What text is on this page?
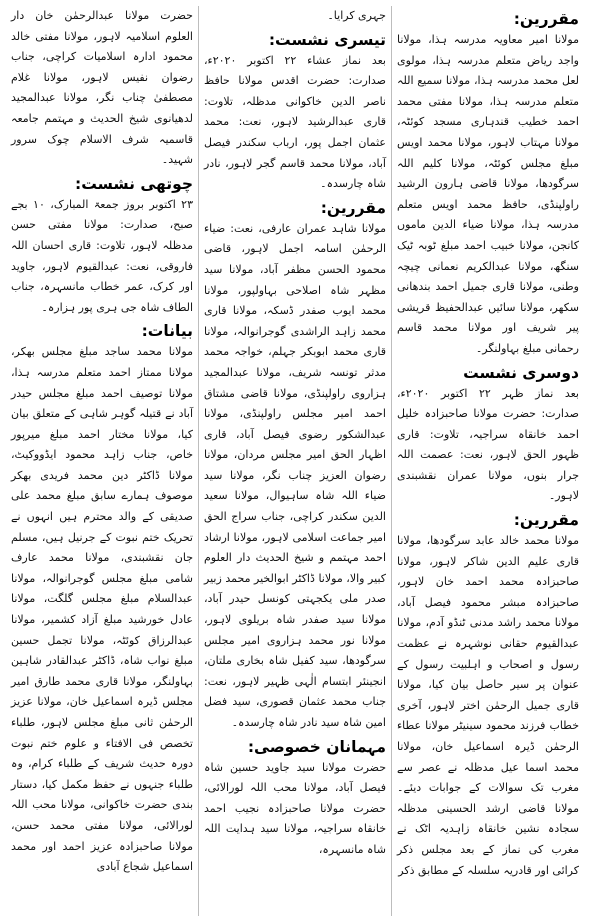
مقررین:

مولانا امیر معاویہ مدرسہ ہذا، مولانا واجد ریاض متعلم مدرسہ ہذا، مولوی لعل محمد مدرسہ ہذا، مولانا سمیع اللہ متعلم مدرسہ ہذا، مولانا مفتی محمد احمد خطیب قندہاری مسجد کوئٹہ، مولانا مہتاب لاہور، مولانا محمد اویس مبلغ مجلس کوئٹہ، مولانا کلیم اللہ سرگودھا، مولانا قاضی ہارون الرشید راولپنڈی، حافظ محمد اویس متعلم مدرسہ ہذا، مولانا ضیاء الدین ماموں کانجن، مولانا خبیب احمد مبلغ ٹوبہ ٹیک سنگھ، مولانا عبدالکریم نعمانی چیچہ وطنی، مولانا قاری جمیل احمد بندھانی سکھر، مولانا سائیں عبدالحفیظ قریشی پیر شریف اور مولانا محمد قاسم رحمانی مبلغ بہاولنگر۔

دوسری نشست

بعد نماز ظہر ۲۲ اکتوبر ۲۰۲۰ء، صدارت: حضرت مولانا صاحبزادہ خلیل احمد خانقاہ سراجیہ، تلاوت: قاری ظہور الحق لاہور، نعت: عصمت اللہ جرار بنوں، مولانا عمران نقشبندی لاہور۔

مقررین:

مولانا محمد خالد عابد سرگودھا، مولانا قاری علیم الدین شاکر لاہور، مولانا صاحبزادہ محمد احمد خان لاہور، صاحبزادہ مبشر محمود فیصل آباد، مولانا محمد راشد مدنی ٹنڈو آدم، مولانا عبدالقیوم حقانی نوشہرہ نے عظمت رسول و اصحاب و اہلبیت رسول کے عنوان پر سیر حاصل بیان کیا، مولانا قاری جمیل الرحمٰن اختر لاہور، آخری خطاب فرزند محمود سینیٹر مولانا عطاء الرحمٰن ڈیرہ اسماعیل خان، مولانا محمد اسما عیل مدظلہ نے عصر سے مغرب تک سوالات کے جوابات دیئے۔ مولانا قاضی ارشد الحسینی مدظلہ سجادہ نشین خانقاہ زاہدیہ اٹک نے مغرب کی نماز کے بعد مجلس ذکر کرائی اور قادریہ سلسلہ کے مطابق ذکر

جہری کرایا۔

تیسری نشست:

بعد نماز عشاء ۲۲ اکتوبر ۲۰۲۰ء، صدارت: حضرت اقدس مولانا حافظ ناصر الدین خاکوانی مدظلہ، تلاوت: قاری عبدالرشید لاہور، نعت: محمد عثمان اجمل پور، ارباب سکندر فیصل آباد، مولانا محمد قاسم گجر لاہور، نادر شاہ چارسدہ۔

مقررین:

مولانا شاہد عمران عارفی، نعت: ضیاء الرحمٰن اسامہ اجمل لاہور، قاضی محمود الحسن مظفر آباد، مولانا سید مظہر شاہ اصلاحی بہاولپور، مولانا محمد ایوب صفدر ڈسکہ، مولانا قاری محمد زاہد الراشدی گوجرانوالہ، مولانا قاری محمد ابوبکر جہلم، خواجہ محمد مدثر تونسہ شریف، مولانا عبدالمجید ہزاروی راولپنڈی، مولانا قاضی مشتاق احمد امیر مجلس راولپنڈی، مولانا عبدالشکور رضوی فیصل آباد، قاری اظہار الحق امیر مجلس مردان، مولانا رضوان العزیز چناب نگر، مولانا سید ضیاء اللہ شاہ ساہیوال، مولانا سعید الدین سکندر کراچی، جناب سراج الحق امیر جماعت اسلامی لاہور، مولانا ارشاد احمد مہتمم و شیخ الحدیث دار العلوم کبیر والا، مولانا ڈاکٹر ابوالخیر محمد زبیر صدر ملی یکجہتی کونسل حیدر آباد، مولانا سید صفدر شاہ بریلوی لاہور، مولانا نور محمد ہزاروی امیر مجلس سرگودھا، سید کفیل شاہ بخاری ملتان، انجینئر ابتسام الٰہی ظہیر لاہور، نعت: جناب محمد عثمان قصوری، سید فضل امین شاہ سید نادر شاہ چارسدہ۔

مہمانان خصوصی:

حضرت مولانا سید جاوید حسین شاہ فیصل آباد، مولانا محب اللہ لورالائی، حضرت مولانا صاحبزادہ نجیب احمد خانقاہ سراجیہ، مولانا سید ہدایت اللہ شاہ مانسہرہ،

حضرت مولانا عبدالرحمٰن خان دار العلوم اسلامیہ لاہور، مولانا مفتی خالد محمود ادارہ اسلامیات کراچی، جناب رضوان نفیس لاہور، مولانا غلام مصطفیٰ چناب نگر، مولانا عبدالمجید لدھیانوی شیخ الحدیث و مہتمم جامعہ قاسمیہ شرف الاسلام چوک سرور شہید۔

چوتھی نشست:

۲۳ اکتوبر بروز جمعۃ المبارک، ۱۰ بجے صبح، صدارت: مولانا مفتی حسن مدظلہ لاہور، تلاوت: قاری احسان اللہ فاروقی، نعت: عبدالقیوم لاہور، جاوید اور کرک، عمر خطاب مانسہرہ، جناب الطاف شاہ جی ہری پور ہزارہ۔

بیانات:

مولانا محمد ساجد مبلغ مجلس بھکر، مولانا ممتاز احمد متعلم مدرسہ ہذا، مولانا توصیف احمد مبلغ مجلس حیدر آباد نے قتیلہ گوہر شاہی کے متعلق بیان کیا، مولانا مختار احمد مبلغ میرپور خاص، جناب زاہد محمود ایڈووکیٹ، مولانا ڈاکٹر دین محمد فریدی بھکر موصوف ہمارے سابق مبلغ محمد علی صدیقی کے والد محترم ہیں انہوں نے تحریک ختم نبوت کے جرنیل ہیں، مسلم جان نقشبندی، مولانا محمد عارف شامی مبلغ مجلس گوجرانوالہ، مولانا عبدالسلام مبلغ مجلس گلگت، مولانا عادل خورشید مبلغ آزاد کشمیر، مولانا عبدالرزاق کوئٹہ، مولانا تجمل حسین مبلغ نواب شاہ، ڈاکٹر عبدالقادر شاہین بہاولنگر، مولانا قاری محمد طارق امیر مجلس ڈیرہ اسماعیل خان، مولانا عزیز الرحمٰن ثانی مبلغ مجلس لاہور، طلباء تخصص فی الافتاء و علوم ختم نبوت دورہ حدیث شریف کے طلباء کرام، وہ طلباء جنہوں نے حفظ مکمل کیا، دستار بندی حضرت خاکوانی، مولانا محب اللہ لورالائی، مولانا مفتی محمد حسن، مولانا صاحبزادہ عزیز احمد اور محمد اسماعیل شجاع آبادی
